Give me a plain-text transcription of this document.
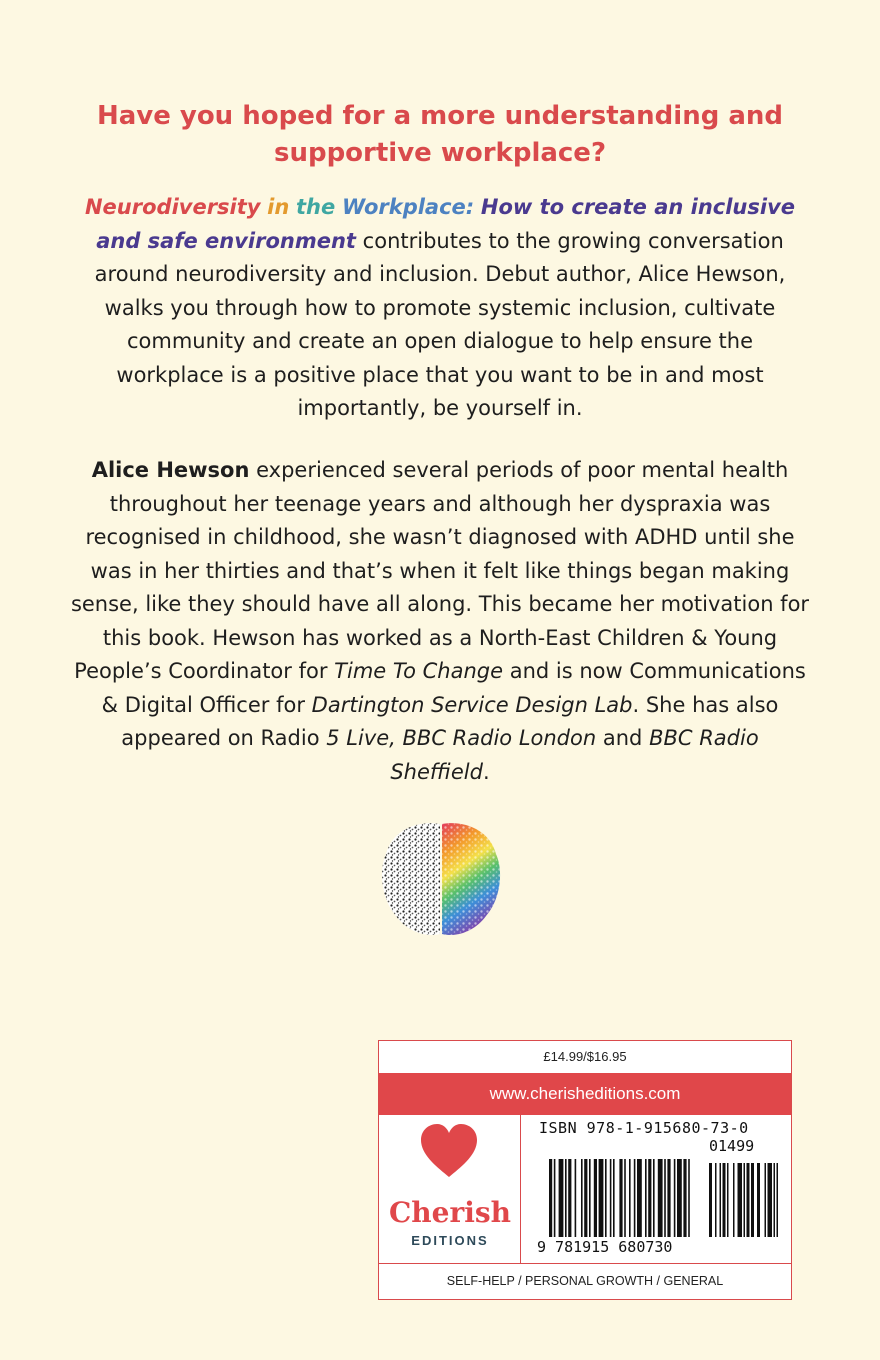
Have you hoped for a more understanding and supportive workplace?
Neurodiversity in the Workplace: How to create an inclusive and safe environment contributes to the growing conversation around neurodiversity and inclusion. Debut author, Alice Hewson, walks you through how to promote systemic inclusion, cultivate community and create an open dialogue to help ensure the workplace is a positive place that you want to be in and most importantly, be yourself in.
Alice Hewson experienced several periods of poor mental health throughout her teenage years and although her dyspraxia was recognised in childhood, she wasn’t diagnosed with ADHD until she was in her thirties and that’s when it felt like things began making sense, like they should have all along. This became her motivation for this book. Hewson has worked as a North-East Children & Young People’s Coordinator for Time To Change and is now Communications & Digital Officer for Dartington Service Design Lab. She has also appeared on Radio 5 Live, BBC Radio London and BBC Radio Sheffield.
£14.99/$16.95
www.cherisheditions.com
Cherish
EDITIONS
ISBN 978-1-915680-73-0
01499
9 781915 680730
SELF-HELP / PERSONAL GROWTH / GENERAL
